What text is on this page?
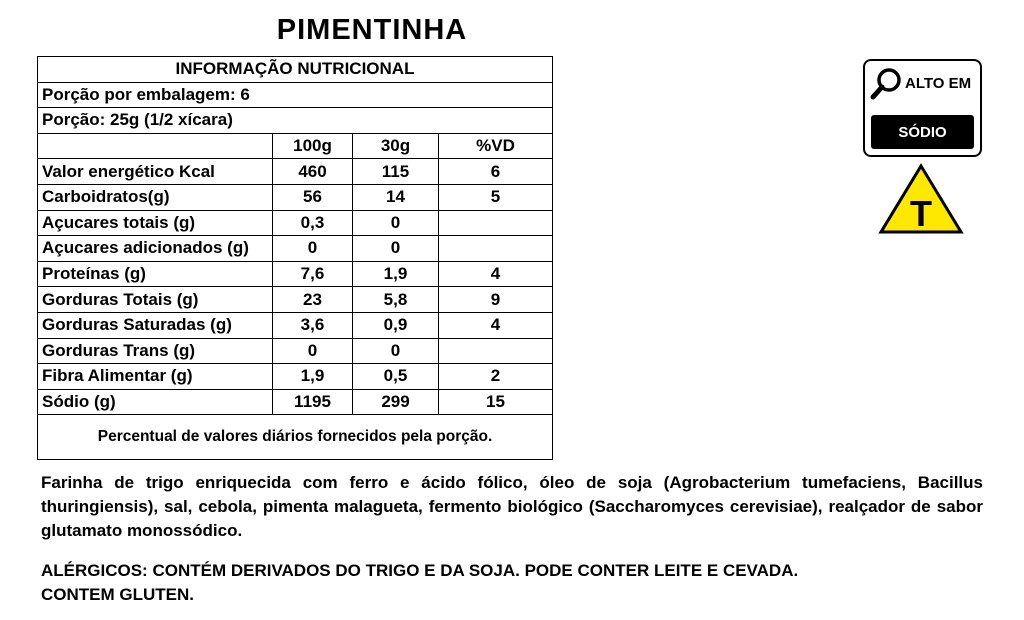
PIMENTINHA
INFORMAÇÃO NUTRICIONAL
Porção por embalagem: 6
Porção: 25g (1/2 xícara)
100g	30g	%VD
Valor energético Kcal	460	115	6
Carboidratos(g)	56	14	5
Açucares totais (g)	0,3	0
Açucares adicionados (g)	0	0
Proteínas (g)	7,6	1,9	4
Gorduras Totais (g)	23	5,8	9
Gorduras Saturadas (g)	3,6	0,9	4
Gorduras Trans (g)	0	0
Fibra Alimentar (g)	1,9	0,5	2
Sódio (g)	1195	299	15
Percentual de valores diários fornecidos pela porção.
Farinha de trigo enriquecida com ferro e ácido fólico, óleo de soja (Agrobacterium tumefaciens, Bacillus thuringiensis), sal, cebola, pimenta malagueta, fermento biológico (Saccharomyces cerevisiae), realçador de sabor glutamato monossódico.
ALÉRGICOS: CONTÉM DERIVADOS DO TRIGO E DA SOJA. PODE CONTER LEITE E CEVADA.
CONTEM GLUTEN.
ALTO EM
SÓDIO
T
